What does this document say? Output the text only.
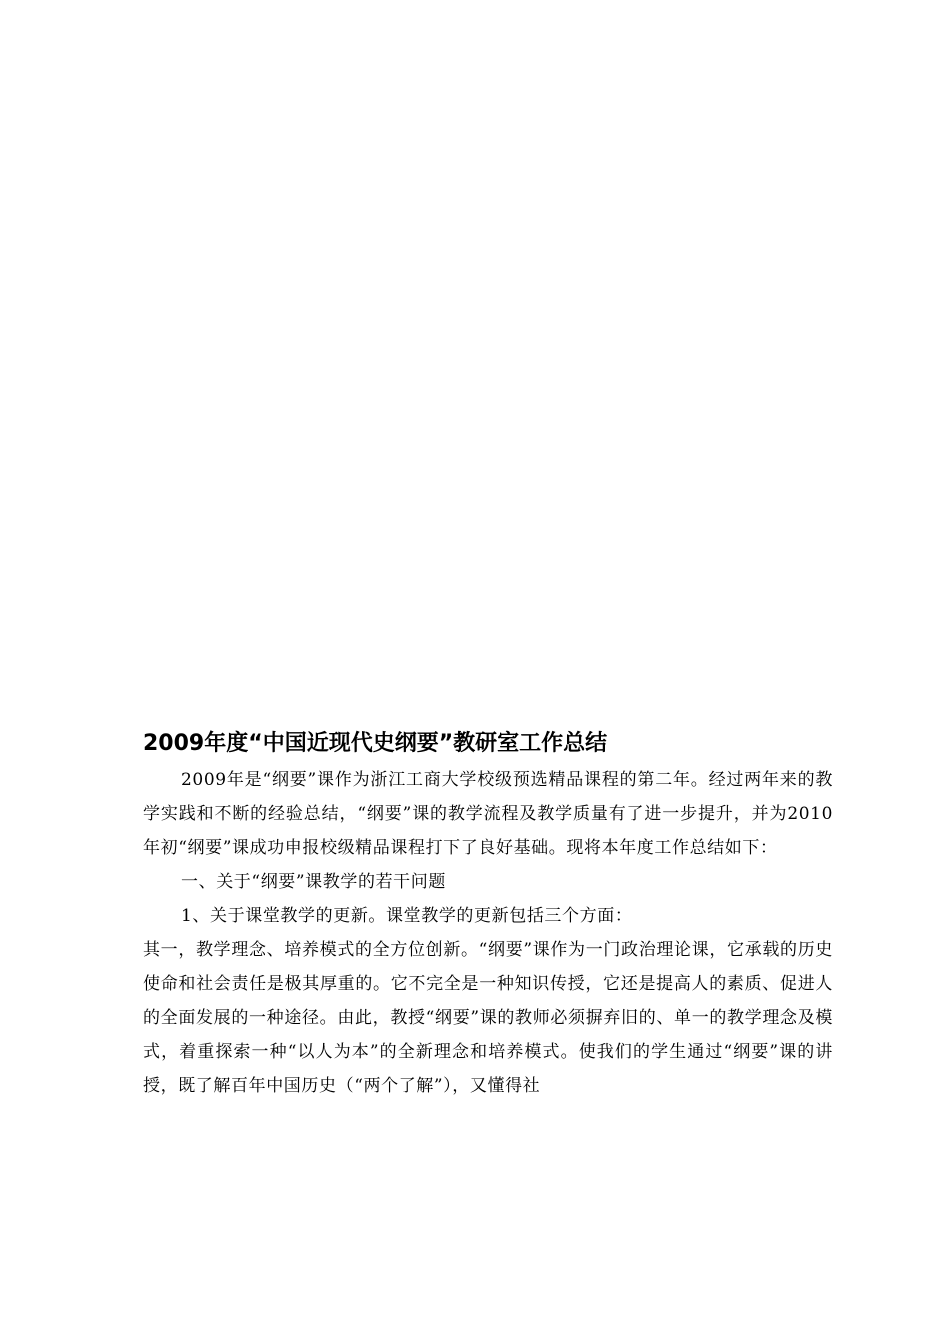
2009年度“中国近现代史纲要”教研室工作总结

2009年是“纲要”课作为浙江工商大学校级预选精品课程的第二年。经过两年来的教学实践和不断的经验总结，“纲要”课的教学流程及教学质量有了进一步提升，并为2010年初“纲要”课成功申报校级精品课程打下了良好基础。现将本年度工作总结如下：

一、关于“纲要”课教学的若干问题

1、关于课堂教学的更新。课堂教学的更新包括三个方面：

其一，教学理念、培养模式的全方位创新。“纲要”课作为一门政治理论课，它承载的历史使命和社会责任是极其厚重的。它不完全是一种知识传授，它还是提高人的素质、促进人的全面发展的一种途径。由此，教授“纲要”课的教师必须摒弃旧的、单一的教学理念及模式，着重探索一种“以人为本”的全新理念和培养模式。使我们的学生通过“纲要”课的讲授，既了解百年中国历史（“两个了解”），又懂得社
